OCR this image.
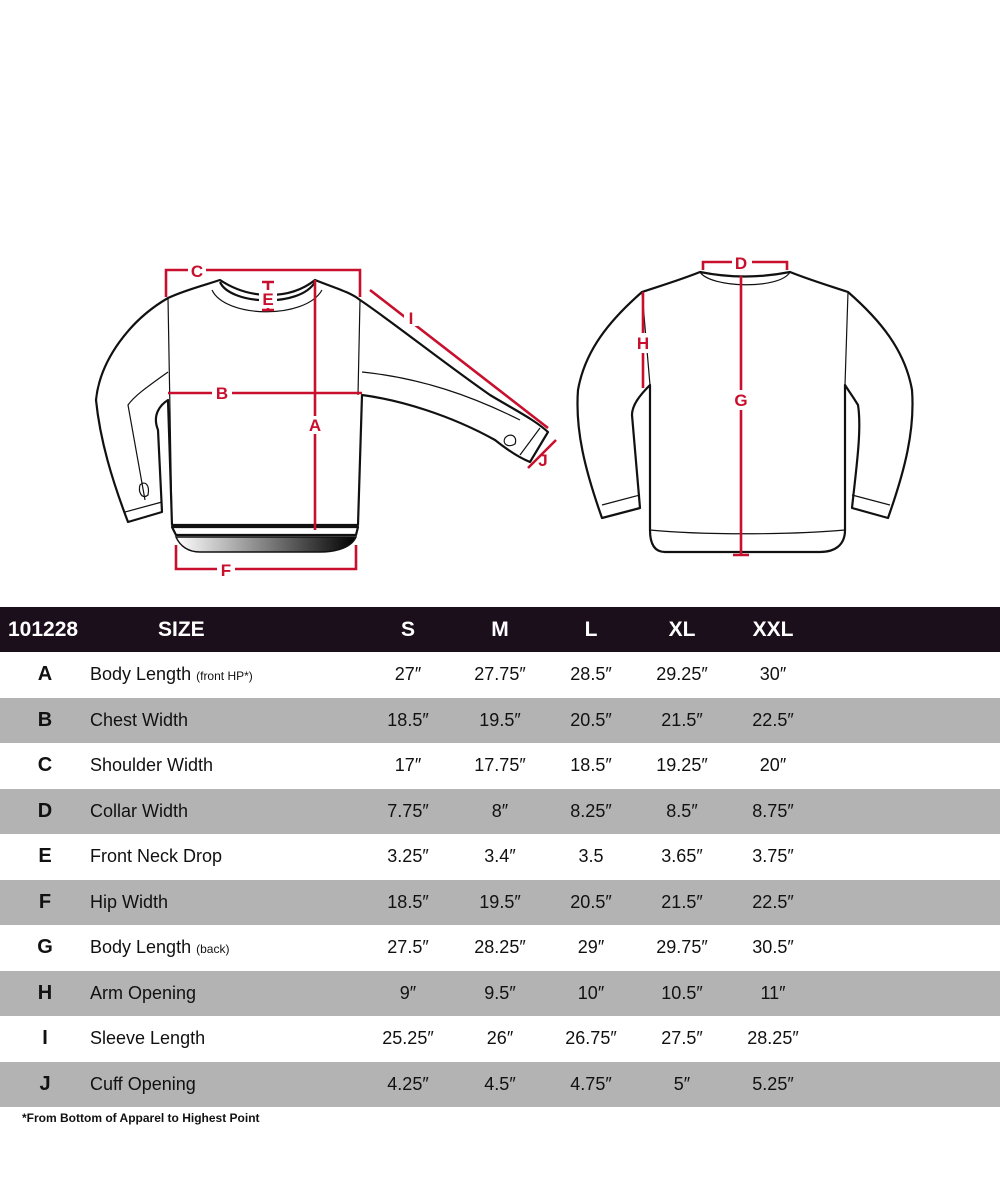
C
E
B
A
F
I
J
D
G
H
101228	SIZE	S	M	L	XL	XXL
A	Body Length (front HP*)	27″	27.75″	28.5″	29.25″	30″
B	Chest Width	18.5″	19.5″	20.5″	21.5″	22.5″
C	Shoulder Width	17″	17.75″	18.5″	19.25″	20″
D	Collar Width	7.75″	8″	8.25″	8.5″	8.75″
E	Front Neck Drop	3.25″	3.4″	3.5	3.65″	3.75″
F	Hip Width	18.5″	19.5″	20.5″	21.5″	22.5″
G	Body Length (back)	27.5″	28.25″	29″	29.75″	30.5″
H	Arm Opening	9″	9.5″	10″	10.5″	11″
I	Sleeve Length	25.25″	26″	26.75″	27.5″	28.25″
J	Cuff Opening	4.25″	4.5″	4.75″	5″	5.25″
*From Bottom of Apparel to Highest Point
